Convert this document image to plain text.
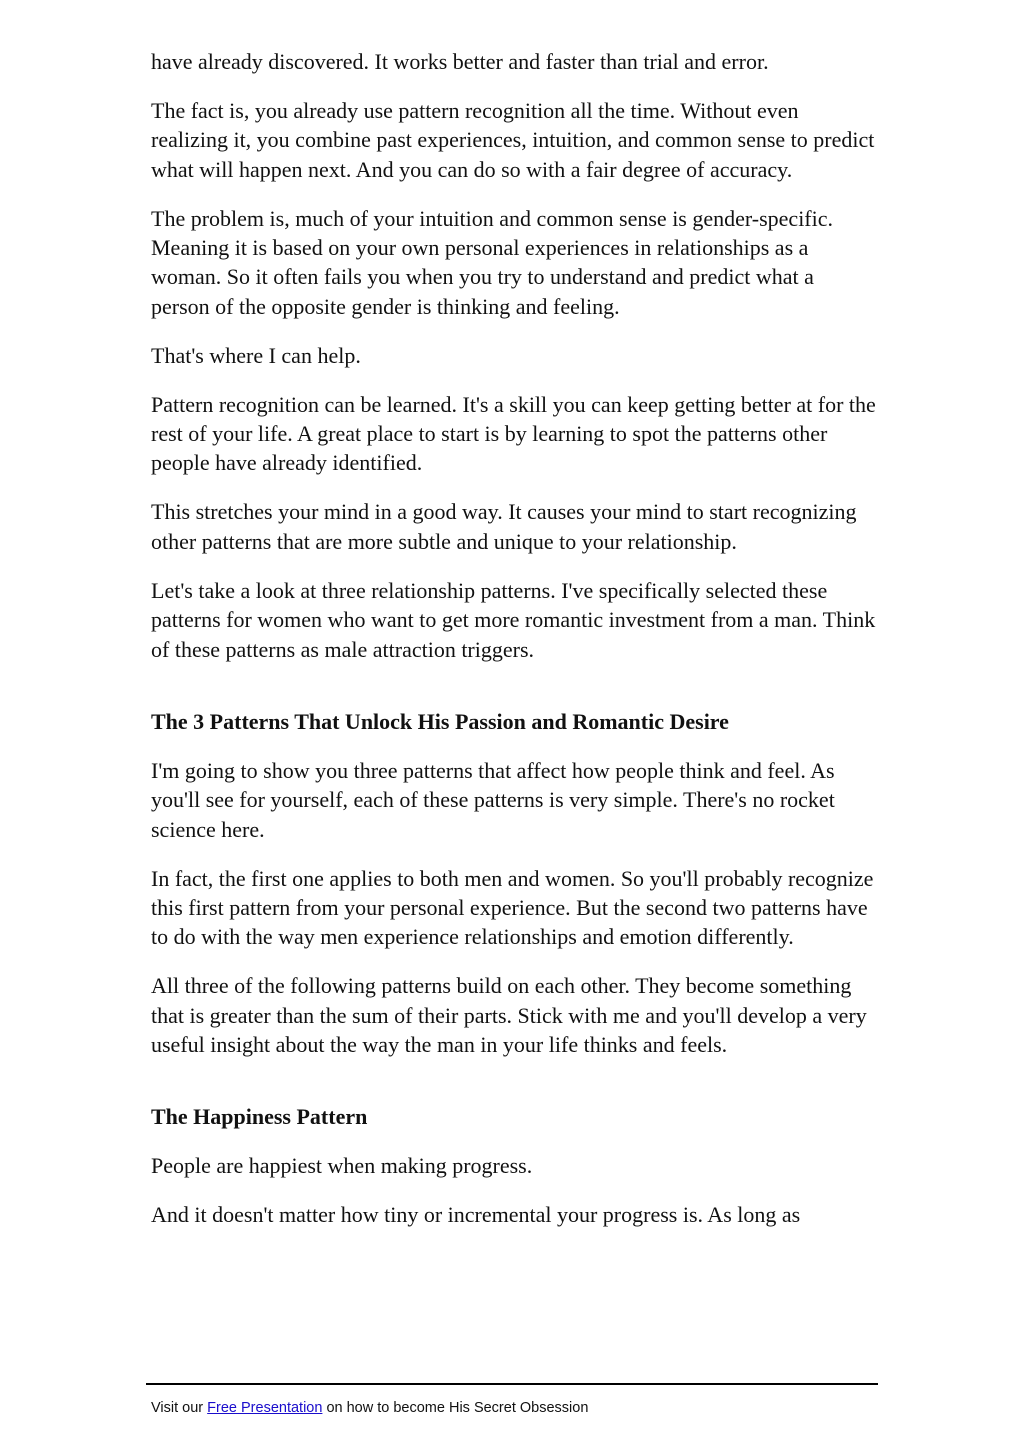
have already discovered. It works better and faster than trial and error.

The fact is, you already use pattern recognition all the time. Without even realizing it, you combine past experiences, intuition, and common sense to predict what will happen next. And you can do so with a fair degree of accuracy.

The problem is, much of your intuition and common sense is gender-specific. Meaning it is based on your own personal experiences in relationships as a woman. So it often fails you when you try to understand and predict what a person of the opposite gender is thinking and feeling.

That's where I can help.

Pattern recognition can be learned. It's a skill you can keep getting better at for the rest of your life. A great place to start is by learning to spot the patterns other people have already identified.

This stretches your mind in a good way. It causes your mind to start recognizing other patterns that are more subtle and unique to your relationship.

Let's take a look at three relationship patterns. I've specifically selected these patterns for women who want to get more romantic investment from a man. Think of these patterns as male attraction triggers.

The 3 Patterns That Unlock His Passion and Romantic Desire

I'm going to show you three patterns that affect how people think and feel. As you'll see for yourself, each of these patterns is very simple. There's no rocket science here.

In fact, the first one applies to both men and women. So you'll probably recognize this first pattern from your personal experience. But the second two patterns have to do with the way men experience relationships and emotion differently.

All three of the following patterns build on each other. They become something that is greater than the sum of their parts. Stick with me and you'll develop a very useful insight about the way the man in your life thinks and feels.

The Happiness Pattern

People are happiest when making progress.

And it doesn't matter how tiny or incremental your progress is. As long as

Visit our Free Presentation on how to become His Secret Obsession
